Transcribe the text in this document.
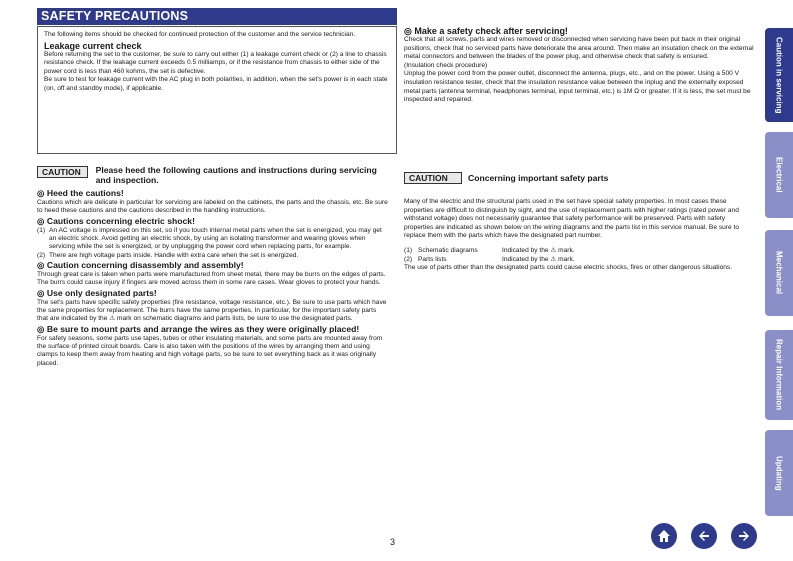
SAFETY PRECAUTIONS

The following items should be checked for continued protection of the customer and the service technician.

Leakage current check

Before returning the set to the customer, be sure to carry out either (1) a leakage current check or (2) a line to chassis resistance check. If the leakage current exceeds 0.5 milliamps, or if the resistance from chassis to either side of the power cord is less than 460 kohms, the set is defective.

Be sure to test for leakage current with the AC plug in both polarities, in addition, when the set's power is in each state (on, off and standby mode), if applicable.

◎ Make a safety check after servicing!

Check that all screws, parts and wires removed or disconnected when servicing have been put back in their original positions, check that no serviced parts have deteriorate the area around. Then make an insulation check on the external metal connectors and between the blades of the power plug, and otherwise check that safety is ensured.

(Insulation check procedure)

Unplug the power cord from the power outlet, disconnect the antenna, plugs, etc., and on the power. Using a 500 V insulation resistance tester, check that the insulation resistance value between the inplug and the externally exposed metal parts (antenna terminal, headphones terminal, input terminal, etc.) is 1M Ω or greater. If it is less, the set must be inspected and repaired.

CAUTION	Please heed the following cautions and instructions during servicing and inspection.
◎ Heed the cautions!

Cautions which are delicate in particular for servicing are labeled on the cabinets, the parts and the chassis, etc. Be sure to heed these cautions and the cautions described in the handling instructions.

◎ Cautions concerning electric shock!
(1) An AC voltage is impressed on this set, so if you touch internal metal parts when the set is energized, you may get an electric shock. Avoid getting an electric shock, by using an isolating transformer and wearing gloves when servicing while the set is energized, or by unplugging the power cord when replacing parts, for example.

(2) There are high voltage parts inside. Handle with extra care when the set is energized.

◎ Caution concerning disassembly and assembly!

Through great care is taken when parts were manufactured from sheet metal, there may be burrs on the edges of parts. The burrs could cause injury if fingers are moved across them in some rare cases. Wear gloves to protect your hands.

◎ Use only designated parts!

The set's parts have specific safety properties (fire resistance, voltage resistance, etc.). Be sure to use parts which have the same properties for replacement. The burrs have the same properties. In particular, for the important safety parts that are indicated by the ⚠ mark on schematic diagrams and parts lists, be sure to use the designated parts.

◎ Be sure to mount parts and arrange the wires as they were originally placed!

For safety seasons, some parts use tapes, tubes or other insulating materials, and some parts are mounted away from the surface of printed circuit boards. Care is also taken with the positions of the wires by arranging them and using clamps to keep them away from heating and high voltage parts, so be sure to set everything back as it was originally placed.

CAUTION	Concerning important safety parts

Many of the electric and the structural parts used in the set have special safety properties. In most cases these properties are difficult to distinguish by sight, and the use of replacement parts with higher ratings (rated power and withstand voltage) does not necessarily guarantee that safety performance will be preserved. Parts with safety properties are indicated as shown below on the wiring diagrams and the parts list in this service manual. Be sure to replace them with the parts which have the designated part number.

(1) Schematic diagrams	Indicated by the ⚠ mark.
(2) Parts lists	Indicated by the ⚠ mark.

The use of parts other than the designated parts could cause electric shocks, fires or other dangerous situations.

Caution in servicing
Electrical
Mechanical
Repair Information
Updating
3
